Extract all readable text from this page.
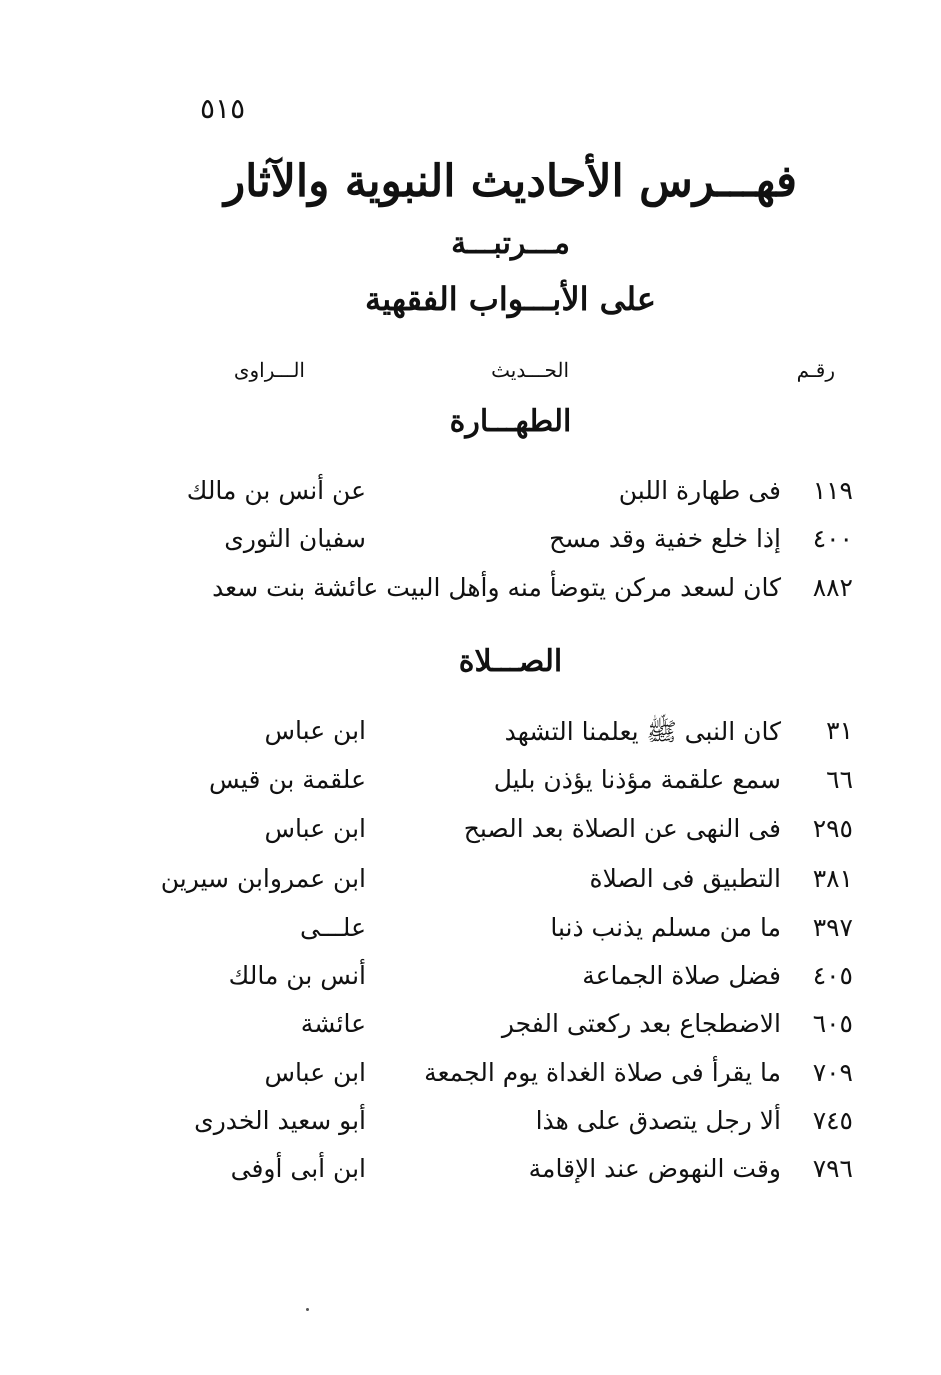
٥١٥
فهـــرس الأحاديث النبوية والآثار
مـــرتبـــة
على الأبـــواب الفقهية
رقـم
الحـــديث
الـــراوى
الطهـــارة
١١٩
فى طهارة اللبن
عن أنس بن مالك
٤٠٠
إذا خلع خفية وقد مسح
سفيان الثورى
٨٨٢
كان لسعد مركن يتوضأ منه وأهل البيت عائشة بنت سعد
الصـــلاة
٣١
كان النبى ﷺ يعلمنا التشهد
ابن عباس
٦٦
سمع علقمة مؤذنا يؤذن بليل
علقمة بن قيس
٢٩٥
فى النهى عن الصلاة بعد الصبح
ابن عباس
٣٨١
التطبيق فى الصلاة
ابن عمروابن سيرين
٣٩٧
ما من مسلم يذنب ذنبا
علـــى
٤٠٥
فضل صلاة الجماعة
أنس بن مالك
٦٠٥
الاضطجاع بعد ركعتى الفجر
عائشة
٧٠٩
ما يقرأ فى صلاة الغداة يوم الجمعة
ابن عباس
٧٤٥
ألا رجل يتصدق على هذا
أبو سعيد الخدرى
٧٩٦
وقت النهوض عند الإقامة
ابن أبى أوفى
